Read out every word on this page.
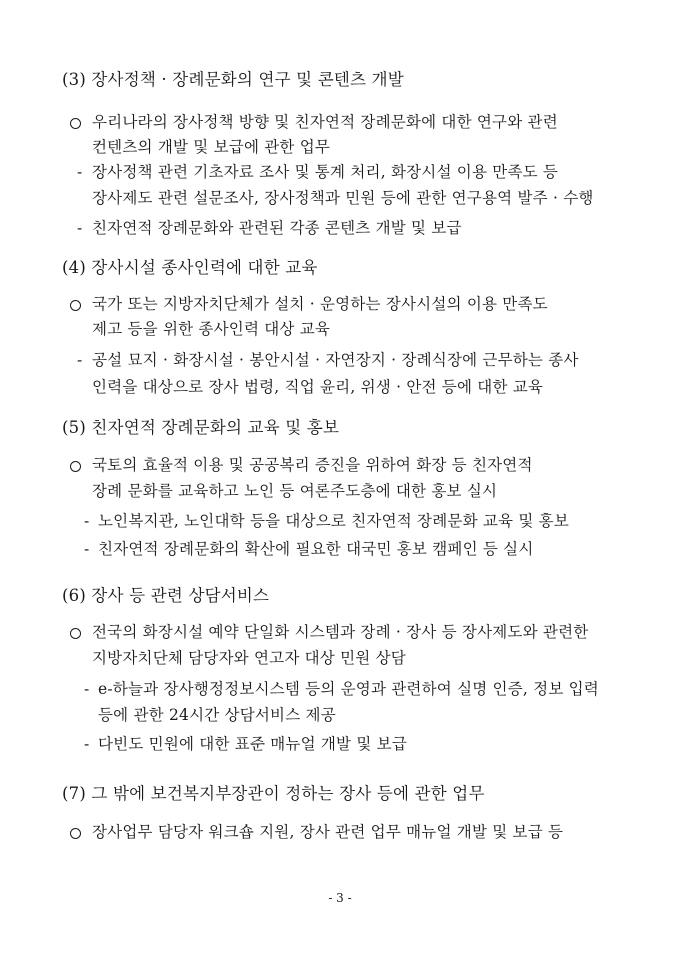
(3) 장사정책 · 장례문화의 연구 및 콘텐츠 개발
우리나라의 장사정책 방향 및 친자연적 장례문화에 대한 연구와 관련
컨텐츠의 개발 및 보급에 관한 업무
- 장사정책 관련 기초자료 조사 및 통계 처리, 화장시설 이용 만족도 등
장사제도 관련 설문조사, 장사정책과 민원 등에 관한 연구용역 발주 · 수행
- 친자연적 장례문화와 관련된 각종 콘텐츠 개발 및 보급
(4) 장사시설 종사인력에 대한 교육
국가 또는 지방자치단체가 설치 · 운영하는 장사시설의 이용 만족도
제고 등을 위한 종사인력 대상 교육
- 공설 묘지 · 화장시설 · 봉안시설 · 자연장지 · 장례식장에 근무하는 종사
인력을 대상으로 장사 법령, 직업 윤리, 위생 · 안전 등에 대한 교육
(5) 친자연적 장례문화의 교육 및 홍보
국토의 효율적 이용 및 공공복리 증진을 위하여 화장 등 친자연적
장례 문화를 교육하고 노인 등 여론주도층에 대한 홍보 실시
- 노인복지관, 노인대학 등을 대상으로 친자연적 장례문화 교육 및 홍보
- 친자연적 장례문화의 확산에 필요한 대국민 홍보 캠페인 등 실시
(6) 장사 등 관련 상담서비스
전국의 화장시설 예약 단일화 시스템과 장례 · 장사 등 장사제도와 관련한
지방자치단체 담당자와 연고자 대상 민원 상담
- e-하늘과 장사행정정보시스템 등의 운영과 관련하여 실명 인증, 정보 입력
등에 관한 24시간 상담서비스 제공
- 다빈도 민원에 대한 표준 매뉴얼 개발 및 보급
(7) 그 밖에 보건복지부장관이 정하는 장사 등에 관한 업무
장사업무 담당자 워크숍 지원, 장사 관련 업무 매뉴얼 개발 및 보급 등
- 3 -
